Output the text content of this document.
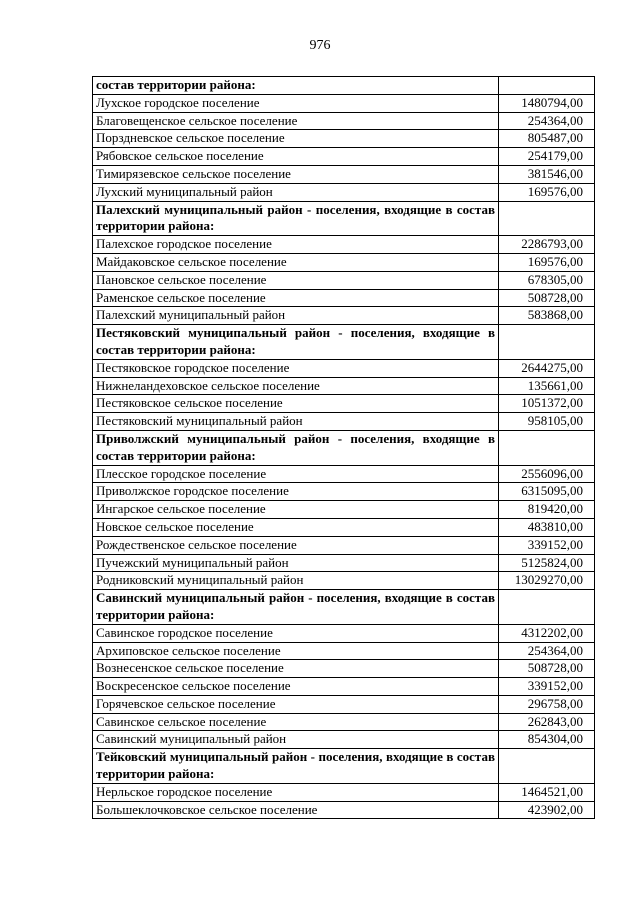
976
состав территории района:	
Лухское городское поселение	1480794,00
Благовещенское сельское поселение	254364,00
Порздневское сельское поселение	805487,00
Рябовское сельское поселение	254179,00
Тимирязевское сельское поселение	381546,00
Лухский муниципальный район	169576,00
Палехский муниципальный район - поселения, входящие в состав территории района:	
Палехское городское поселение	2286793,00
Майдаковское сельское поселение	169576,00
Пановское сельское поселение	678305,00
Раменское сельское поселение	508728,00
Палехский муниципальный район	583868,00
Пестяковский муниципальный район - поселения, входящие в состав территории района:	
Пестяковское городское поселение	2644275,00
Нижнеландеховское сельское поселение	135661,00
Пестяковское сельское поселение	1051372,00
Пестяковский муниципальный район	958105,00
Приволжский муниципальный район - поселения, входящие в состав территории района:	
Плесское городское поселение	2556096,00
Приволжское городское поселение	6315095,00
Ингарское сельское поселение	819420,00
Новское сельское поселение	483810,00
Рождественское сельское поселение	339152,00
Пучежский муниципальный район	5125824,00
Родниковский муниципальный район	13029270,00
Савинский муниципальный район - поселения, входящие в состав территории района:	
Савинское городское поселение	4312202,00
Архиповское сельское поселение	254364,00
Вознесенское сельское поселение	508728,00
Воскресенское сельское поселение	339152,00
Горячевское сельское поселение	296758,00
Савинское сельское поселение	262843,00
Савинский муниципальный район	854304,00
Тейковский муниципальный район - поселения, входящие в состав территории района:	
Нерльское городское поселение	1464521,00
Большеклочковское сельское поселение	423902,00
